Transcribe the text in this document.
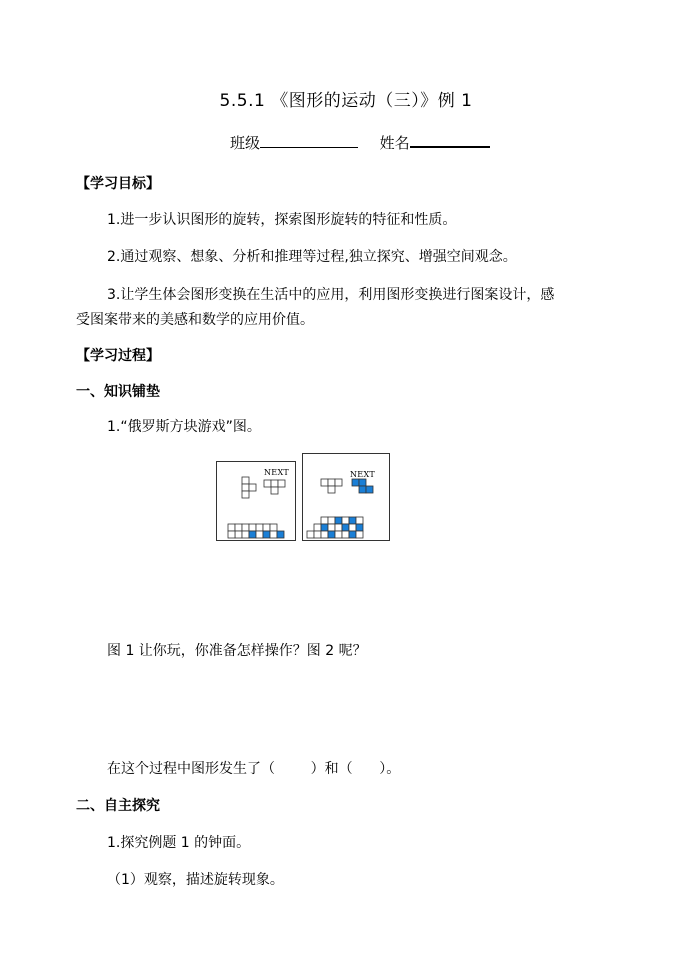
5.5.1 《图形的运动（三）》例 1
班级	姓名
【学习目标】
1.进一步认识图形的旋转，探索图形旋转的特征和性质。
2.通过观察、想象、分析和推理等过程,独立探究、增强空间观念。
3.让学生体会图形变换在生活中的应用，利用图形变换进行图案设计，感
受图案带来的美感和数学的应用价值。
【学习过程】
一、知识铺垫
1.“俄罗斯方块游戏”图。
NEXT	NEXT
图 1 让你玩，你准备怎样操作？图 2 呢？
在这个过程中图形发生了（        ）和（      ）。
二、自主探究
1.探究例题 1 的钟面。
（1）观察，描述旋转现象。
